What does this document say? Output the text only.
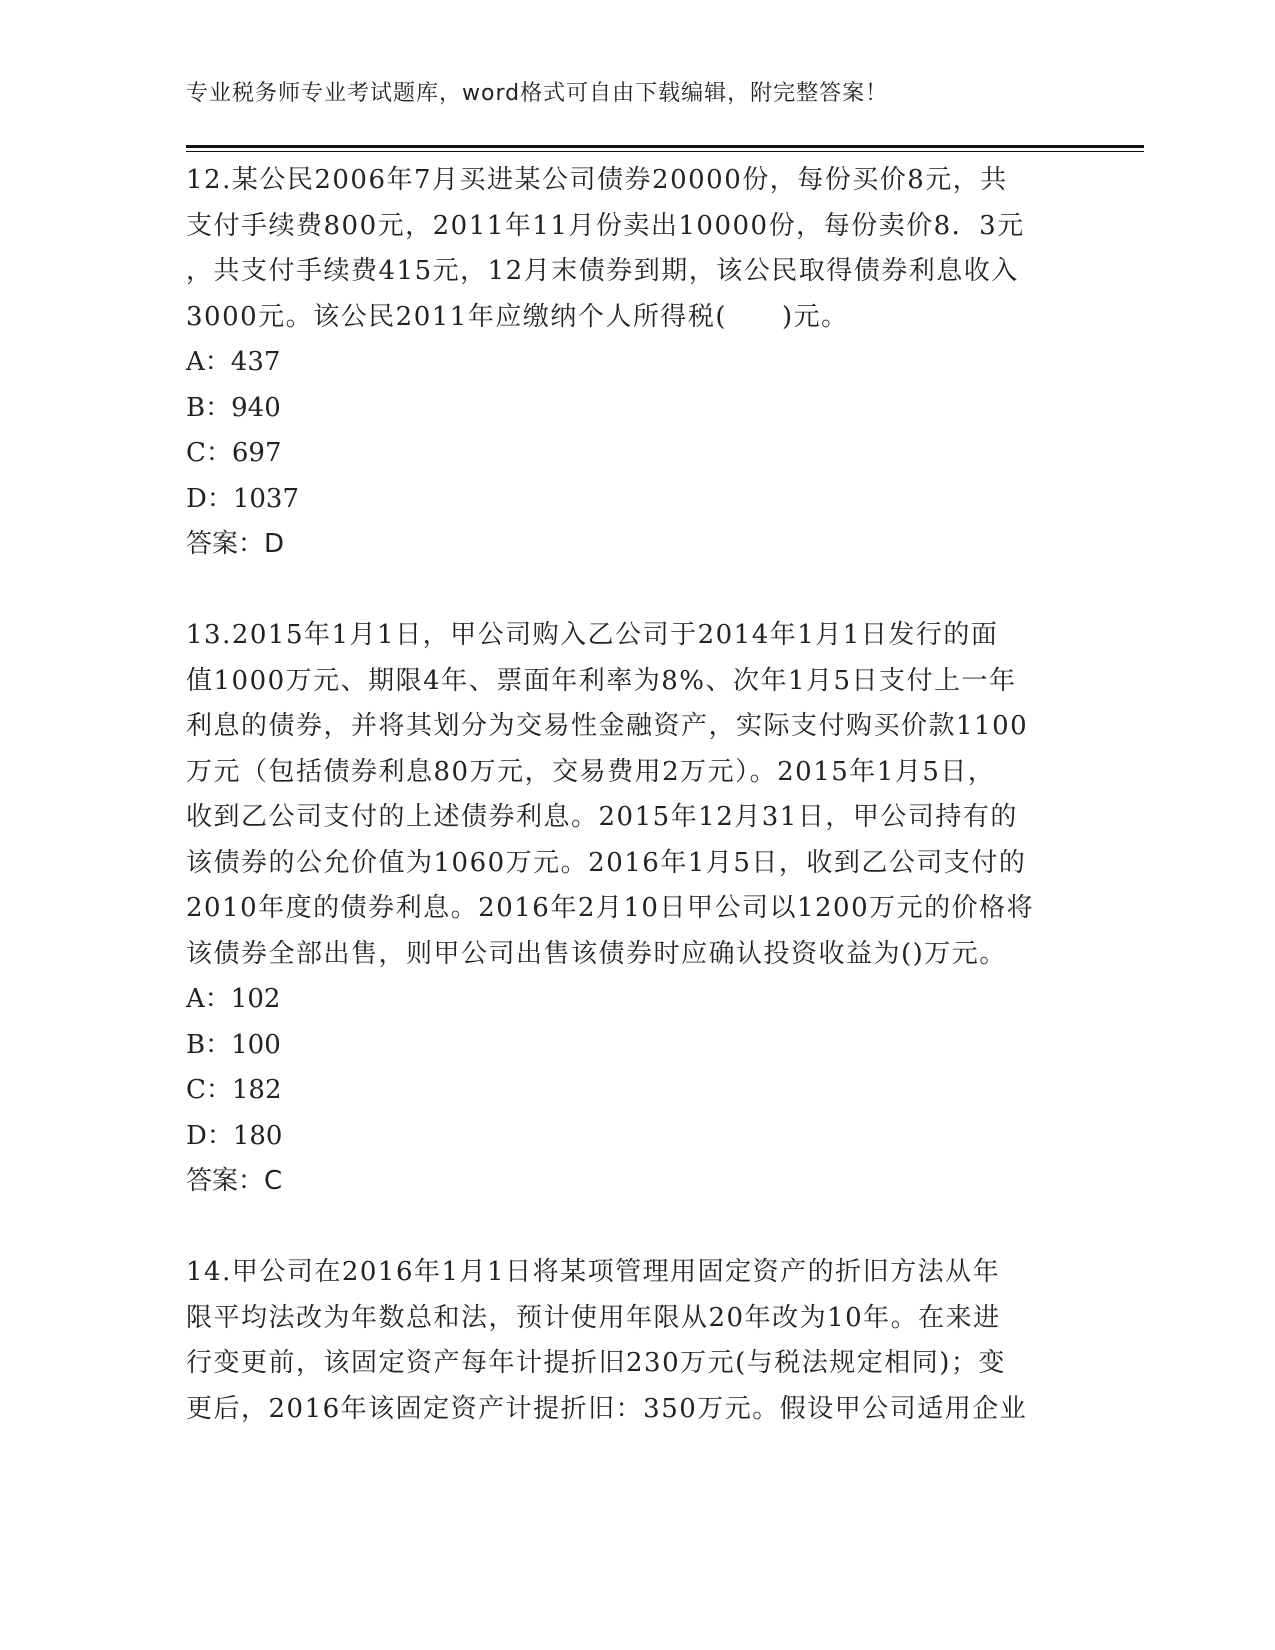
专业税务师专业考试题库，word格式可自由下载编辑，附完整答案！
12.某公民2006年7月买进某公司债券20000份，每份买价8元，共
支付手续费800元，2011年11月份卖出10000份，每份卖价8．3元
，共支付手续费415元，12月末债券到期，该公民取得债券利息收入
3000元。该公民2011年应缴纳个人所得税(　　)元。
A：437
B：940
C：697
D：1037
答案：D
13.2015年1月1日，甲公司购入乙公司于2014年1月1日发行的面
值1000万元、期限4年、票面年利率为8%、次年1月5日支付上一年
利息的债券，并将其划分为交易性金融资产，实际支付购买价款1100
万元（包括债券利息80万元，交易费用2万元）。2015年1月5日，
收到乙公司支付的上述债券利息。2015年12月31日，甲公司持有的
该债券的公允价值为1060万元。2016年1月5日，收到乙公司支付的
2010年度的债券利息。2016年2月10日甲公司以1200万元的价格将
该债券全部出售，则甲公司出售该债券时应确认投资收益为()万元。
A：102
B：100
C：182
D：180
答案：C
14.甲公司在2016年1月1日将某项管理用固定资产的折旧方法从年
限平均法改为年数总和法，预计使用年限从20年改为10年。在来进
行变更前，该固定资产每年计提折旧230万元(与税法规定相同)；变
更后，2016年该固定资产计提折旧：350万元。假设甲公司适用企业
